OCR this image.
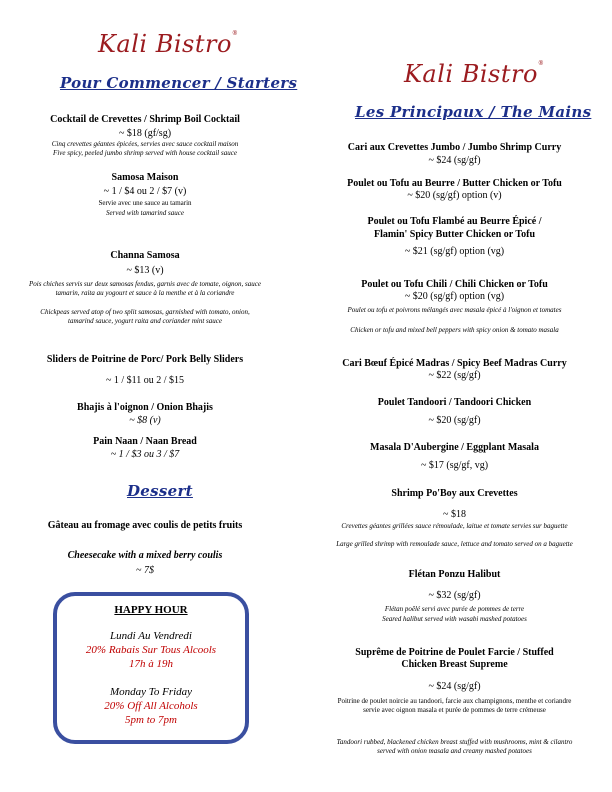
Kali Bistro®
Pour Commencer / Starters
Cocktail de Crevettes / Shrimp Boil Cocktail
~ $18 (gf/sg)
Cinq crevettes géantes épicées, servies avec sauce cocktail maison
Five spicy, peeled jumbo shrimp served with house cocktail sauce
Samosa Maison
~ 1 / $4 ou 2 / $7 (v)
Servie avec une sauce au tamarin
Served with tamarind sauce
Channa Samosa
~ $13 (v)
Pois chiches servis sur deux samosas fendus, garnis avec de tomate, oignon, sauce tamarin, raita au yogourt et sauce à la menthe et à la coriandre
Chickpeas served atop of two split samosas, garnished with tomato, onion, tamarind sauce, yogurt raita and coriander mint sauce
Sliders de Poitrine de Porc/ Pork Belly Sliders
~ 1 / $11 ou 2 / $15
Bhajis à l'oignon / Onion Bhajis
~ $8 (v)
Pain Naan / Naan Bread
~ 1 / $3 ou 3 / $7
Dessert
Gâteau au fromage avec coulis de petits fruits
Cheesecake with a mixed berry coulis
~ 7$
HAPPY HOUR
Lundi Au Vendredi
20% Rabais Sur Tous Alcools
17h à 19h
Monday To Friday
20% Off All Alcohols
5pm to 7pm
Kali Bistro®
Les Principaux / The Mains
Cari aux Crevettes Jumbo / Jumbo Shrimp Curry
~ $24 (sg/gf)
Poulet ou Tofu au Beurre / Butter Chicken or Tofu
~ $20 (sg/gf) option (v)
Poulet ou Tofu Flambé au Beurre Épicé /
Flamin' Spicy Butter Chicken or Tofu
~ $21 (sg/gf) option (vg)
Poulet ou Tofu Chili / Chili Chicken or Tofu
~ $20 (sg/gf) option (vg)
Poulet ou tofu et poivrons mélangés avec masala épicé à l'oignon et tomates
Chicken or tofu and mixed bell peppers with spicy onion & tomato masala
Cari Bœuf Épicé Madras / Spicy Beef Madras Curry
~ $22 (sg/gf)
Poulet Tandoori / Tandoori Chicken
~ $20 (sg/gf)
Masala D'Aubergine / Eggplant Masala
~ $17 (sg/gf, vg)
Shrimp Po'Boy aux Crevettes
~ $18
Crevettes géantes grillées sauce rémoulade, laitue et tomate servies sur baguette
Large grilled shrimp with remoulade sauce, lettuce and tomato served on a baguette
Flétan Ponzu Halibut
~ $32 (sg/gf)
Flétan poêlé servi avec purée de pommes de terre
Seared halibut served with wasabi mashed potatoes
Suprême de Poitrine de Poulet Farcie / Stuffed
Chicken Breast Supreme
~ $24 (sg/gf)
Poitrine de poulet noircie au tandoori, farcie aux champignons, menthe et coriandre servie avec oignon masala et purée de pommes de terre crémeuse
Tandoori rubbed, blackened chicken breast stuffed with mushrooms, mint & cilantro served with onion masala and creamy mashed potatoes
